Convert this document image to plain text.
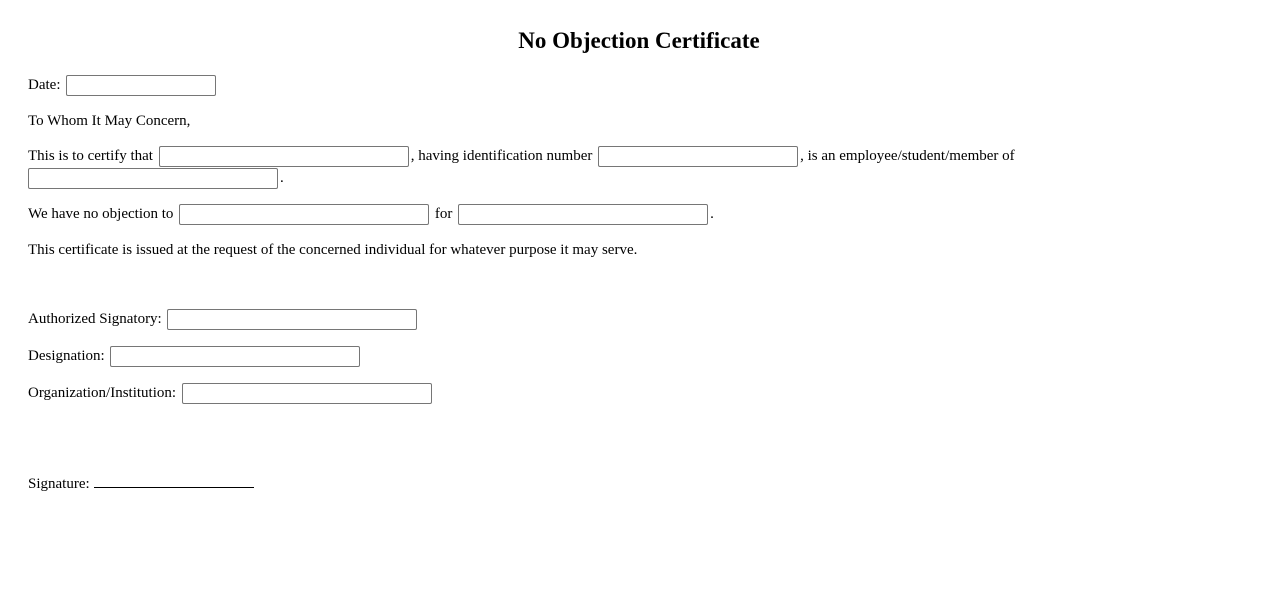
No Objection Certificate
Date:
To Whom It May Concern,
This is to certify that	, having identification number	, is an employee/student/member of
.
We have no objection to	for	.
This certificate is issued at the request of the concerned individual for whatever purpose it may serve.
Authorized Signatory:
Designation:
Organization/Institution:
Signature:
